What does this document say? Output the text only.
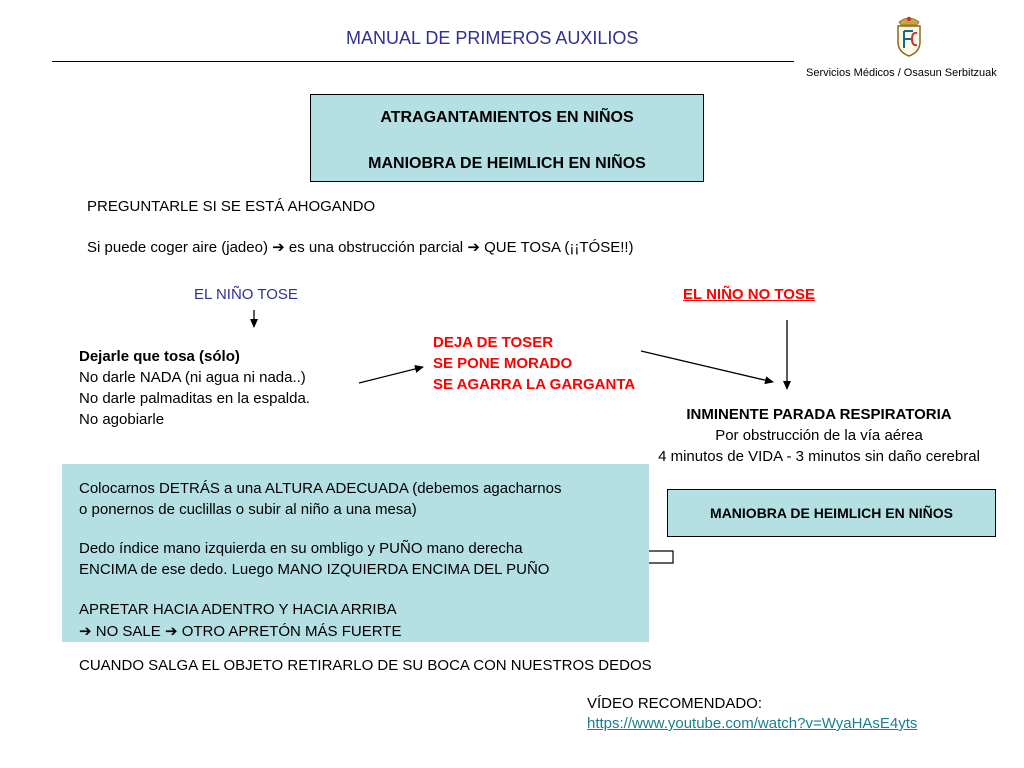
MANUAL DE PRIMEROS AUXILIOS
Servicios Médicos / Osasun Serbitzuak
ATRAGANTAMIENTOS EN NIÑOS
MANIOBRA DE HEIMLICH EN NIÑOS
PREGUNTARLE SI SE ESTÁ AHOGANDO
Si puede coger aire (jadeo) ➔ es una obstrucción parcial ➔ QUE TOSA (¡¡TÓSE!!)
EL NIÑO TOSE	EL NIÑO NO TOSE
Dejarle que tosa (sólo)
No darle NADA (ni agua ni nada..)
No darle palmaditas en la espalda.
No agobiarle
DEJA DE TOSER
SE PONE MORADO
SE AGARRA LA GARGANTA
INMINENTE PARADA RESPIRATORIA
Por obstrucción de la vía aérea
4 minutos de VIDA - 3 minutos sin daño cerebral
Colocarnos DETRÁS a una ALTURA ADECUADA (debemos agacharnos
o ponernos de cuclillas o subir al niño a una mesa)
Dedo índice mano izquierda en su ombligo y PUÑO mano derecha
ENCIMA de ese dedo. Luego MANO IZQUIERDA ENCIMA DEL PUÑO
APRETAR HACIA ADENTRO Y HACIA ARRIBA
➔ NO SALE ➔ OTRO APRETÓN MÁS FUERTE
MANIOBRA DE HEIMLICH EN NIÑOS
CUANDO SALGA EL OBJETO RETIRARLO DE SU BOCA CON NUESTROS DEDOS
VÍDEO RECOMENDADO:
https://www.youtube.com/watch?v=WyaHAsE4yts
